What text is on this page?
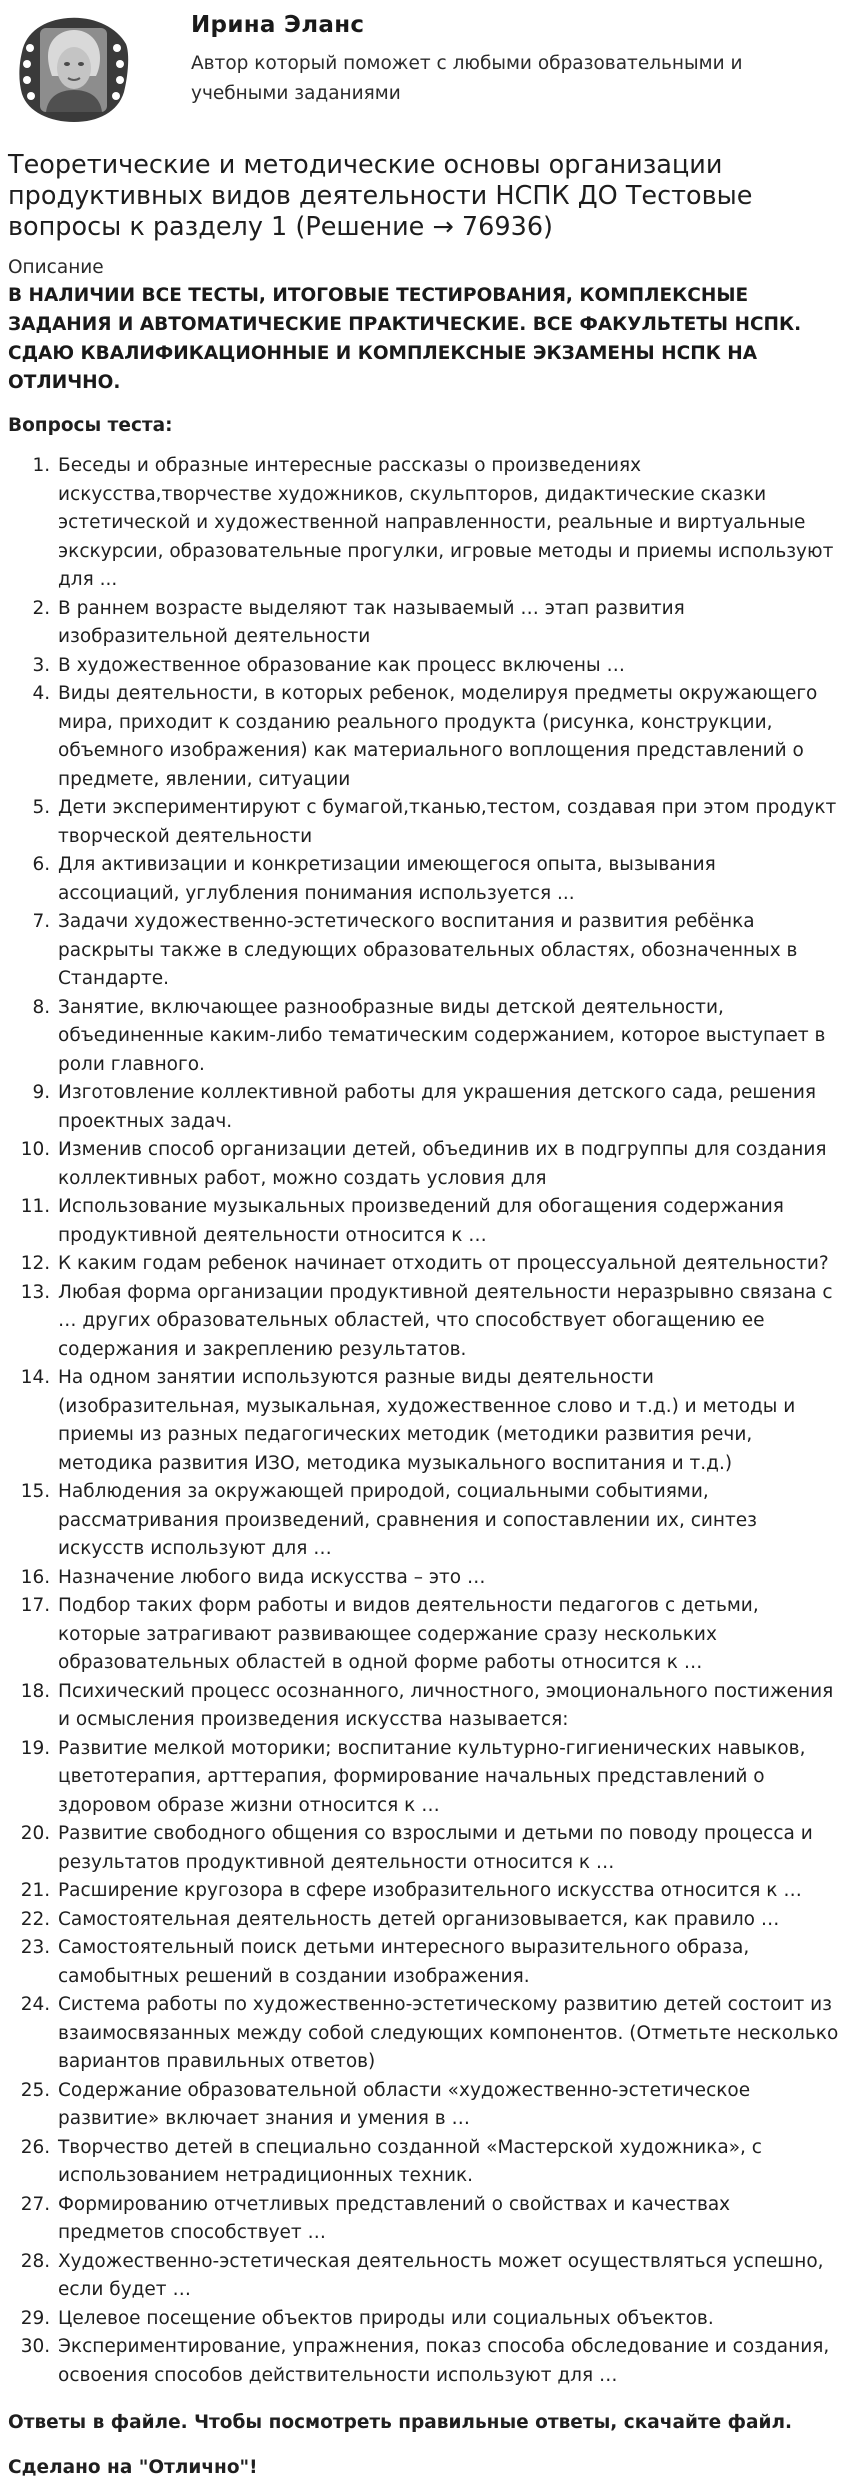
Ирина Эланс
Автор который поможет с любыми образовательными и учебными заданиями
Теоретические и методические основы организации продуктивных видов деятельности НСПК ДО Тестовые вопросы к разделу 1 (Решение → 76936)
Описание
В НАЛИЧИИ ВСЕ ТЕСТЫ, ИТОГОВЫЕ ТЕСТИРОВАНИЯ, КОМПЛЕКСНЫЕ ЗАДАНИЯ И АВТОМАТИЧЕСКИЕ ПРАКТИЧЕСКИЕ. ВСЕ ФАКУЛЬТЕТЫ НСПК. СДАЮ КВАЛИФИКАЦИОННЫЕ И КОМПЛЕКСНЫЕ ЭКЗАМЕНЫ НСПК НА ОТЛИЧНО.
Вопросы теста:
1. Беседы и образные интересные рассказы о произведениях искусства,творчестве художников, скульпторов, дидактические сказки эстетической и художественной направленности, реальные и виртуальные экскурсии, образовательные прогулки, игровые методы и приемы используют для ...
2. В раннем возрасте выделяют так называемый … этап развития изобразительной деятельности
3. В художественное образование как процесс включены …
4. Виды деятельности, в которых ребенок, моделируя предметы окружающего мира, приходит к созданию реального продукта (рисунка, конструкции, объемного изображения) как материального воплощения представлений о предмете, явлении, ситуации
5. Дети экспериментируют с бумагой,тканью,тестом, создавая при этом продукт творческой деятельности
6. Для активизации и конкретизации имеющегося опыта, вызывания ассоциаций, углубления понимания используется ...
7. Задачи художественно-эстетического воспитания и развития ребёнка раскрыты также в следующих образовательных областях, обозначенных в Стандарте.
8. Занятие, включающее разнообразные виды детской деятельности, объединенные каким-либо тематическим содержанием, которое выступает в роли главного.
9. Изготовление коллективной работы для украшения детского сада, решения проектных задач.
10. Изменив способ организации детей, объединив их в подгруппы для создания коллективных работ, можно создать условия для
11. Использование музыкальных произведений для обогащения содержания продуктивной деятельности относится к …
12. К каким годам ребенок начинает отходить от процессуальной деятельности?
13. Любая форма организации продуктивной деятельности неразрывно связана с … других образовательных областей, что способствует обогащению ее содержания и закреплению результатов.
14. На одном занятии используются разные виды деятельности (изобразительная, музыкальная, художественное слово и т.д.) и методы и приемы из разных педагогических методик (методики развития речи, методика развития ИЗО, методика музыкального воспитания и т.д.)
15. Наблюдения за окружающей природой, социальными событиями, рассматривания произведений, сравнения и сопоставлении их, синтез искусств используют для …
16. Назначение любого вида искусства – это …
17. Подбор таких форм работы и видов деятельности педагогов с детьми, которые затрагивают развивающее содержание сразу нескольких образовательных областей в одной форме работы относится к …
18. Психический процесс осознанного, личностного, эмоционального постижения и осмысления произведения искусства называется:
19. Развитие мелкой моторики; воспитание культурно-гигиенических навыков, цветотерапия, арттерапия, формирование начальных представлений о здоровом образе жизни относится к …
20. Развитие свободного общения со взрослыми и детьми по поводу процесса и результатов продуктивной деятельности относится к …
21. Расширение кругозора в сфере изобразительного искусства относится к …
22. Самостоятельная деятельность детей организовывается, как правило …
23. Самостоятельный поиск детьми интересного выразительного образа, самобытных решений в создании изображения.
24. Система работы по художественно-эстетическому развитию детей состоит из взаимосвязанных между собой следующих компонентов. (Отметьте несколько вариантов правильных ответов)
25. Содержание образовательной области «художественно-эстетическое развитие» включает знания и умения в …
26. Творчество детей в специально созданной «Мастерской художника», с использованием нетрадиционных техник.
27. Формированию отчетливых представлений о свойствах и качествах предметов способствует …
28. Художественно-эстетическая деятельность может осуществляться успешно, если будет …
29. Целевое посещение объектов природы или социальных объектов.
30. Экспериментирование, упражнения, показ способа обследование и создания, освоения способов действительности используют для …
Ответы в файле. Чтобы посмотреть правильные ответы, скачайте файл.
Сделано на "Отлично"!
